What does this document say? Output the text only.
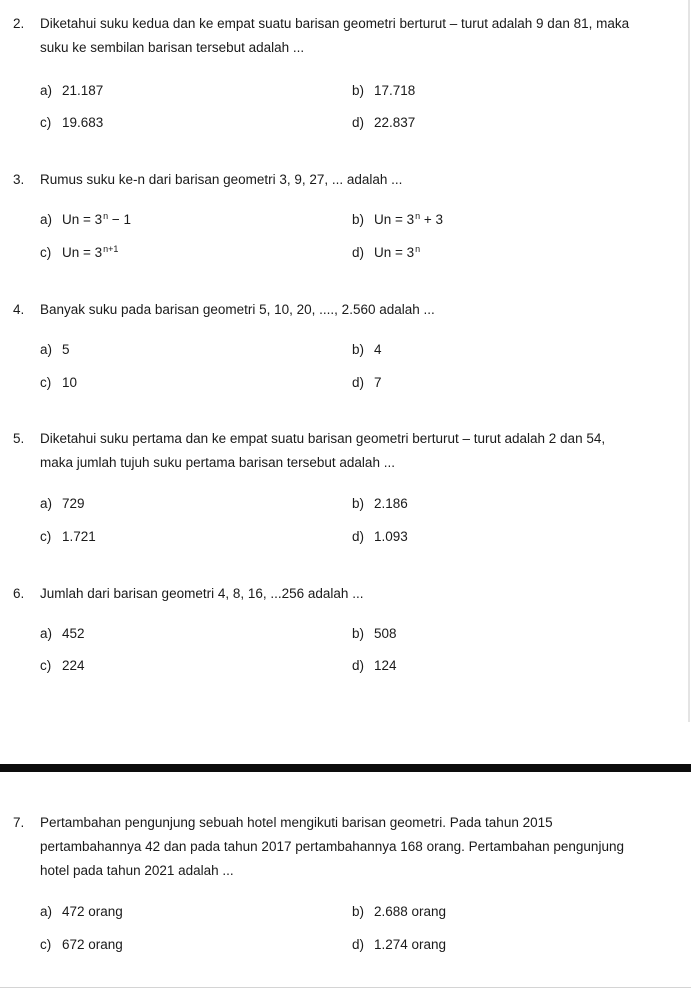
2. Diketahui suku kedua dan ke empat suatu barisan geometri berturut – turut adalah 9 dan 81, maka
suku ke sembilan barisan tersebut adalah ...
a) 21.187	b) 17.718
c) 19.683	d) 22.837
3. Rumus suku ke-n dari barisan geometri 3, 9, 27, ... adalah ...
a) $Un = 3^n - 1$	b) $Un = 3^n + 3$
c) $Un = 3^{n+1}$	d) $Un = 3^n$
4. Banyak suku pada barisan geometri 5, 10, 20, ...., 2.560 adalah ...
a) 5	b) 4
c) 10	d) 7
5. Diketahui suku pertama dan ke empat suatu barisan geometri berturut – turut adalah 2 dan 54,
maka jumlah tujuh suku pertama barisan tersebut adalah ...
a) 729	b) 2.186
c) 1.721	d) 1.093
6. Jumlah dari barisan geometri 4, 8, 16, ...256 adalah ...
a) 452	b) 508
c) 224	d) 124
7. Pertambahan pengunjung sebuah hotel mengikuti barisan geometri. Pada tahun 2015
pertambahannya 42 dan pada tahun 2017 pertambahannya 168 orang. Pertambahan pengunjung
hotel pada tahun 2021 adalah ...
a) 472 orang	b) 2.688 orang
c) 672 orang	d) 1.274 orang
